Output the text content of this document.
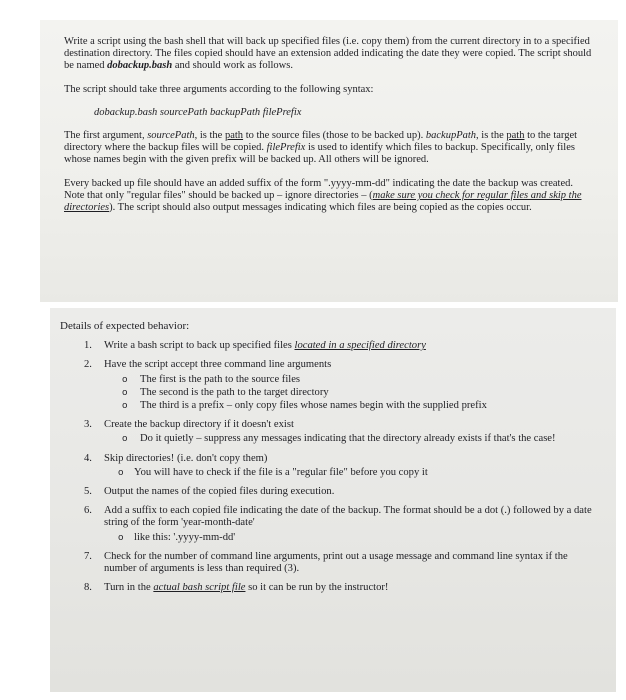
Write a script using the bash shell that will back up specified files (i.e. copy them) from the current directory in to a specified destination directory. The files copied should have an extension added indicating the date they were copied. The script should be named dobackup.bash and should work as follows.

The script should take three arguments according to the following syntax:

dobackup.bash sourcePath backupPath filePrefix

The first argument, sourcePath, is the path to the source files (those to be backed up). backupPath, is the path to the target directory where the backup files will be copied. filePrefix is used to identify which files to backup. Specifically, only files whose names begin with the given prefix will be backed up. All others will be ignored.

Every backed up file should have an added suffix of the form ".yyyy-mm-dd" indicating the date the backup was created. Note that only "regular files" should be backed up – ignore directories – (make sure you check for regular files and skip the directories). The script should also output messages indicating which files are being copied as the copies occur.

Details of expected behavior:
1. Write a bash script to back up specified files located in a specified directory
2. Have the script accept three command line arguments
o The first is the path to the source files
o The second is the path to the target directory
o The third is a prefix – only copy files whose names begin with the supplied prefix
3. Create the backup directory if it doesn't exist
o Do it quietly – suppress any messages indicating that the directory already exists if that's the case!
4. Skip directories! (i.e. don't copy them)
o You will have to check if the file is a "regular file" before you copy it
5. Output the names of the copied files during execution.
6. Add a suffix to each copied file indicating the date of the backup. The format should be a dot (.) followed by a date string of the form 'year-month-date'
o like this: '.yyyy-mm-dd'
7. Check for the number of command line arguments, print out a usage message and command line syntax if the number of arguments is less than required (3).
8. Turn in the actual bash script file so it can be run by the instructor!
